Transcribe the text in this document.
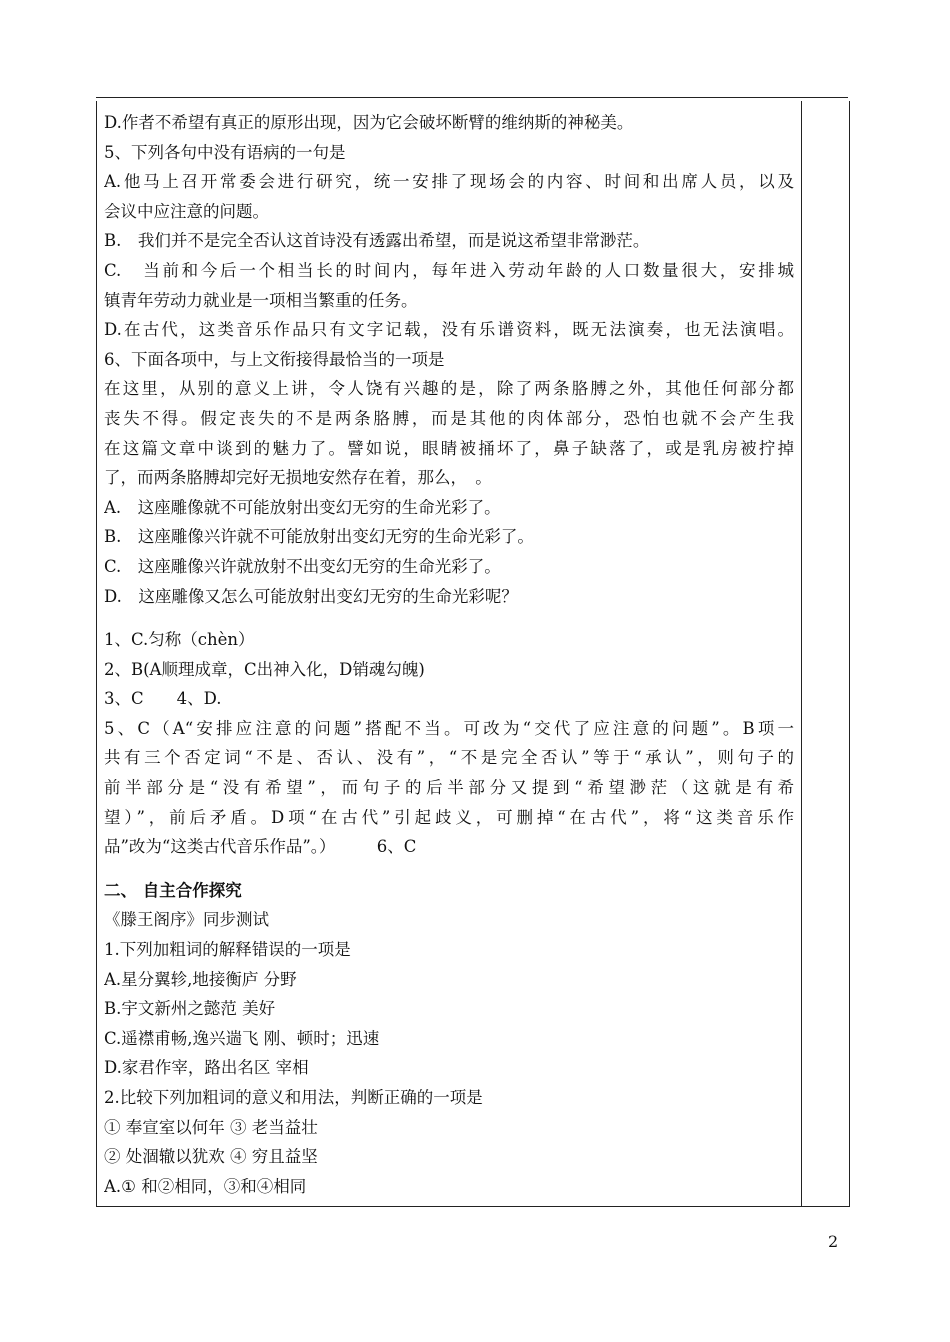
D.作者不希望有真正的原形出现，因为它会破坏断臂的维纳斯的神秘美。
5、下列各句中没有语病的一句是
A.他马上召开常委会进行研究，统一安排了现场会的内容、时间和出席人员，以及
会议中应注意的问题。
B.　我们并不是完全否认这首诗没有透露出希望，而是说这希望非常渺茫。
C.　当前和今后一个相当长的时间内，每年进入劳动年龄的人口数量很大，安排城
镇青年劳动力就业是一项相当繁重的任务。
D.在古代，这类音乐作品只有文字记载，没有乐谱资料，既无法演奏，也无法演唱。
6、下面各项中，与上文衔接得最恰当的一项是
在这里，从别的意义上讲，令人饶有兴趣的是，除了两条胳膊之外，其他任何部分都
丧失不得。假定丧失的不是两条胳膊，而是其他的肉体部分，恐怕也就不会产生我
在这篇文章中谈到的魅力了。譬如说，眼睛被捅坏了，鼻子缺落了，或是乳房被拧掉
了，而两条胳膊却完好无损地安然存在着，那么，　。
A.　这座雕像就不可能放射出变幻无穷的生命光彩了。
B.　这座雕像兴许就不可能放射出变幻无穷的生命光彩了。
C.　这座雕像兴许就放射不出变幻无穷的生命光彩了。
D.　这座雕像又怎么可能放射出变幻无穷的生命光彩呢？
1、C.匀称（chèn）
2、B(A顺理成章，C出神入化，D销魂勾魄)
3、C　　4、D.
5、C（A“安排应注意的问题”搭配不当。可改为“交代了应注意的问题”。B项一
共有三个否定词“不是、否认、没有”，“不是完全否认”等于“承认”，则句子的
前半部分是“没有希望”，而句子的后半部分又提到“希望渺茫（这就是有希
望）”，前后矛盾。D项“在古代”引起歧义，可删掉“在古代”，将“这类音乐作
品”改为“这类古代音乐作品”。）　　　6、C
二、 自主合作探究
《滕王阁序》同步测试
1.下列加粗词的解释错误的一项是
A.星分翼轸,地接衡庐 分野
B.宇文新州之懿范 美好
C.遥襟甫畅,逸兴遄飞 刚、顿时；迅速
D.家君作宰，路出名区 宰相
2.比较下列加粗词的意义和用法，判断正确的一项是
① 奉宣室以何年 ③ 老当益壮
② 处涸辙以犹欢 ④ 穷且益坚
A.① 和②相同，③和④相同
2
